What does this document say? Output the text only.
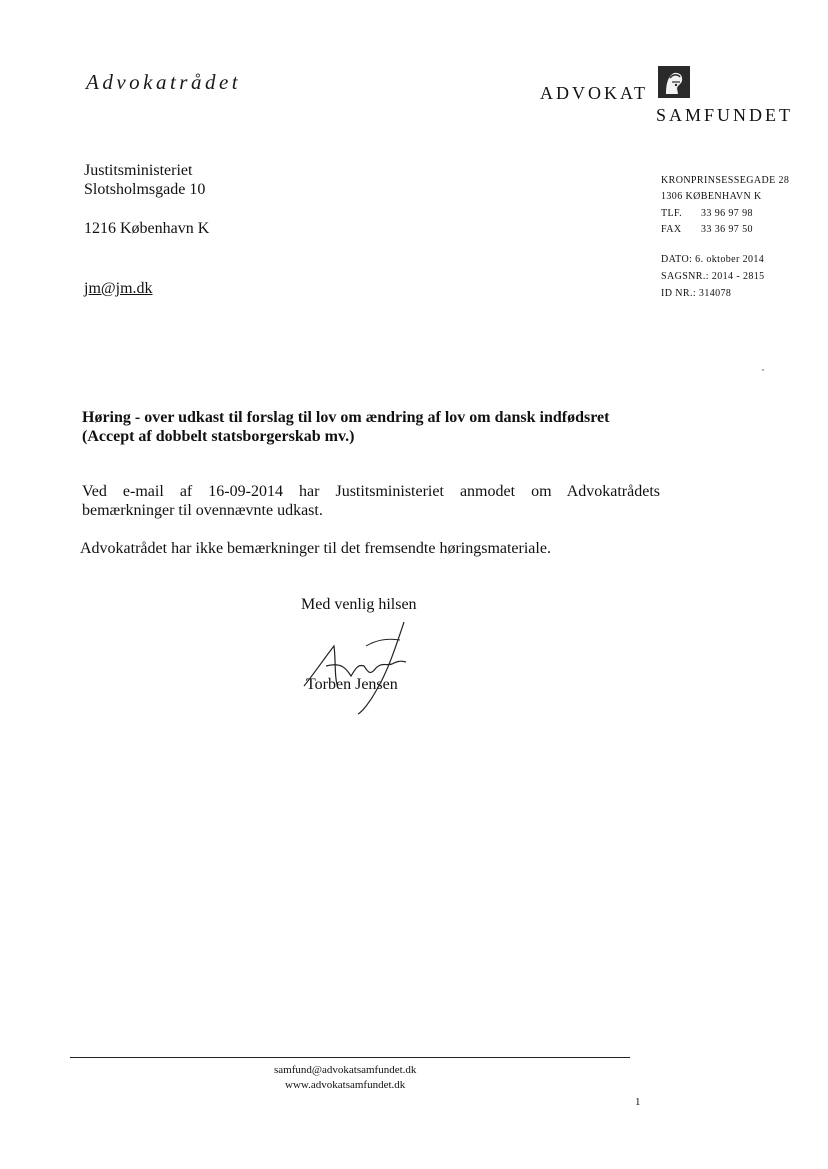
Advokatrådet	ADVOKAT
SAMFUNDET
Justitsministeriet
Slotsholmsgade 10
1216 København K
jm@jm.dk
KRONPRINSESSEGADE 28
1306 KØBENHAVN K
TLF. 33 96 97 98
FAX 33 36 97 50
DATO: 6. oktober 2014
SAGSNR.: 2014 - 2815
ID NR.: 314078
Høring - over udkast til forslag til lov om ændring af lov om dansk indfødsret
(Accept af dobbelt statsborgerskab mv.)
Ved e-mail af 16-09-2014 har Justitsministeriet anmodet om Advokatrådets bemærkninger til ovennævnte udkast.
Advokatrådet har ikke bemærkninger til det fremsendte høringsmateriale.
Med venlig hilsen
Torben Jensen
samfund@advokatsamfundet.dk
www.advokatsamfundet.dk
1
